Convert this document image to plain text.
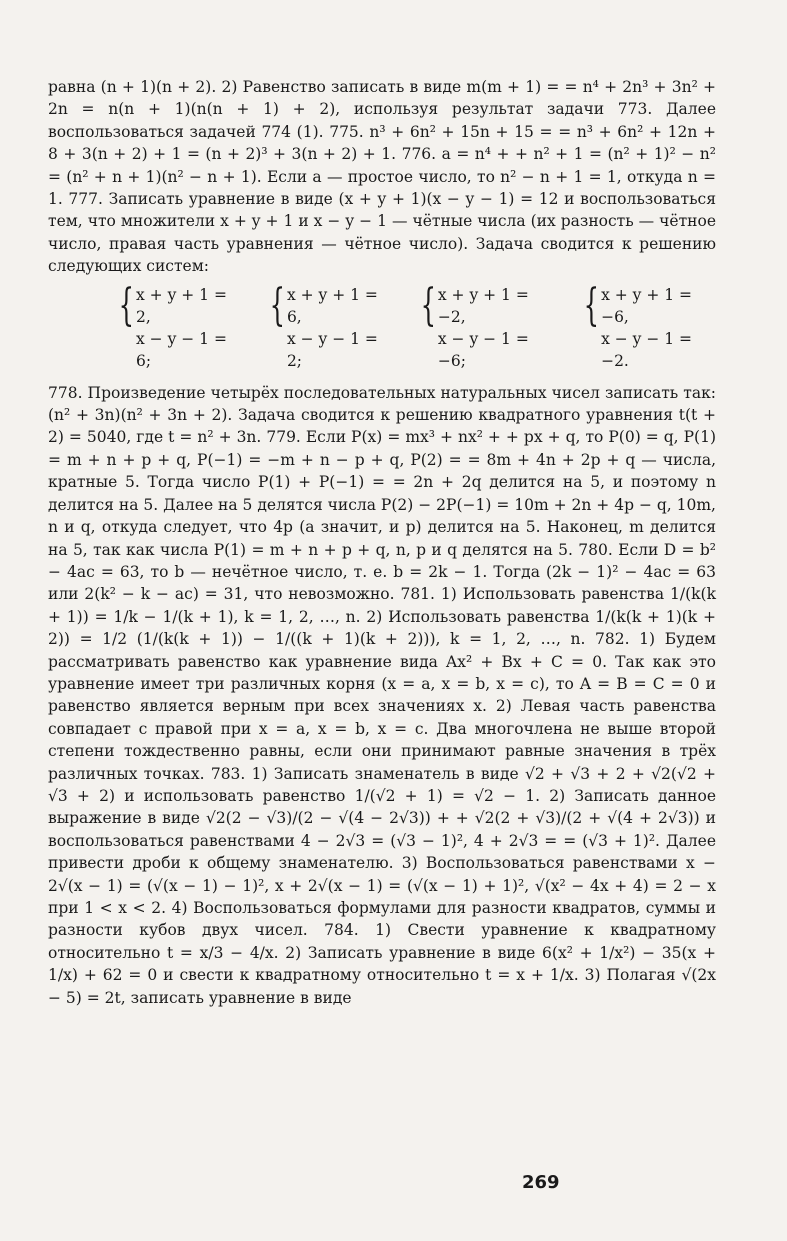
равна (n + 1)(n + 2). 2) Равенство записать в виде m(m + 1) = = n⁴ + 2n³ + 3n² + 2n = n(n + 1)(n(n + 1) + 2), используя результат задачи 773. Далее воспользоваться задачей 774 (1). 775. n³ + 6n² + 15n + 15 = = n³ + 6n² + 12n + 8 + 3(n + 2) + 1 = (n + 2)³ + 3(n + 2) + 1. 776. a = n⁴ + + n² + 1 = (n² + 1)² − n² = (n² + n + 1)(n² − n + 1). Если a — простое число, то n² − n + 1 = 1, откуда n = 1. 777. Записать уравнение в виде (x + y + 1)(x − y − 1) = 12 и воспользоваться тем, что множители x + y + 1 и x − y − 1 — чётные числа (их разность — чётное число, правая часть уравнения — чётное число). Задача сводится к решению следующих систем:

{ x + y + 1 = 2,
x − y − 1 = 6;
{ x + y + 1 = 6,
x − y − 1 = 2;
{ x + y + 1 = −2,
x − y − 1 = −6;
{ x + y + 1 = −6,
x − y − 1 = −2.

778. Произведение четырёх последовательных натуральных чисел записать так: (n² + 3n)(n² + 3n + 2). Задача сводится к решению квадратного уравнения t(t + 2) = 5040, где t = n² + 3n. 779. Если P(x) = mx³ + nx² + + px + q, то P(0) = q, P(1) = m + n + p + q, P(−1) = −m + n − p + q, P(2) = = 8m + 4n + 2p + q — числа, кратные 5. Тогда число P(1) + P(−1) = = 2n + 2q делится на 5, и поэтому n делится на 5. Далее на 5 делятся числа P(2) − 2P(−1) = 10m + 2n + 4p − q, 10m, n и q, откуда следует, что 4p (а значит, и p) делится на 5. Наконец, m делится на 5, так как числа P(1) = m + n + p + q, n, p и q делятся на 5. 780. Если D = b² − 4ac = 63, то b — нечётное число, т. е. b = 2k − 1. Тогда (2k − 1)² − 4ac = 63 или 2(k² − k − ac) = 31, что невозможно. 781. 1) Использовать равенства 1/(k(k + 1)) = 1/k − 1/(k + 1), k = 1, 2, …, n. 2) Использовать равенства 1/(k(k + 1)(k + 2)) = 1/2 (1/(k(k + 1)) − 1/((k + 1)(k + 2))), k = 1, 2, …, n. 782. 1) Будем рассматривать равенство как уравнение вида Ax² + Bx + C = 0. Так как это уравнение имеет три различных корня (x = a, x = b, x = c), то A = B = C = 0 и равенство является верным при всех значениях x. 2) Левая часть равенства совпадает с правой при x = a, x = b, x = c. Два многочлена не выше второй степени тождественно равны, если они принимают равные значения в трёх различных точках. 783. 1) Записать знаменатель в виде √2 + √3 + 2 + √2(√2 + √3 + 2) и использовать равенство 1/(√2 + 1) = √2 − 1. 2) Записать данное выражение в виде √2(2 − √3)/(2 − √(4 − 2√3)) + + √2(2 + √3)/(2 + √(4 + 2√3)) и воспользоваться равенствами 4 − 2√3 = (√3 − 1)², 4 + 2√3 = = (√3 + 1)². Далее привести дроби к общему знаменателю. 3) Воспользоваться равенствами x − 2√(x − 1) = (√(x − 1) − 1)², x + 2√(x − 1) = (√(x − 1) + 1)², √(x² − 4x + 4) = 2 − x при 1 < x < 2. 4) Воспользоваться формулами для разности квадратов, суммы и разности кубов двух чисел. 784. 1) Свести уравнение к квадратному относительно t = x/3 − 4/x. 2) Записать уравнение в виде 6(x² + 1/x²) − 35(x + 1/x) + 62 = 0 и свести к квадратному относительно t = x + 1/x. 3) Полагая √(2x − 5) = 2t, записать уравнение в виде

269
